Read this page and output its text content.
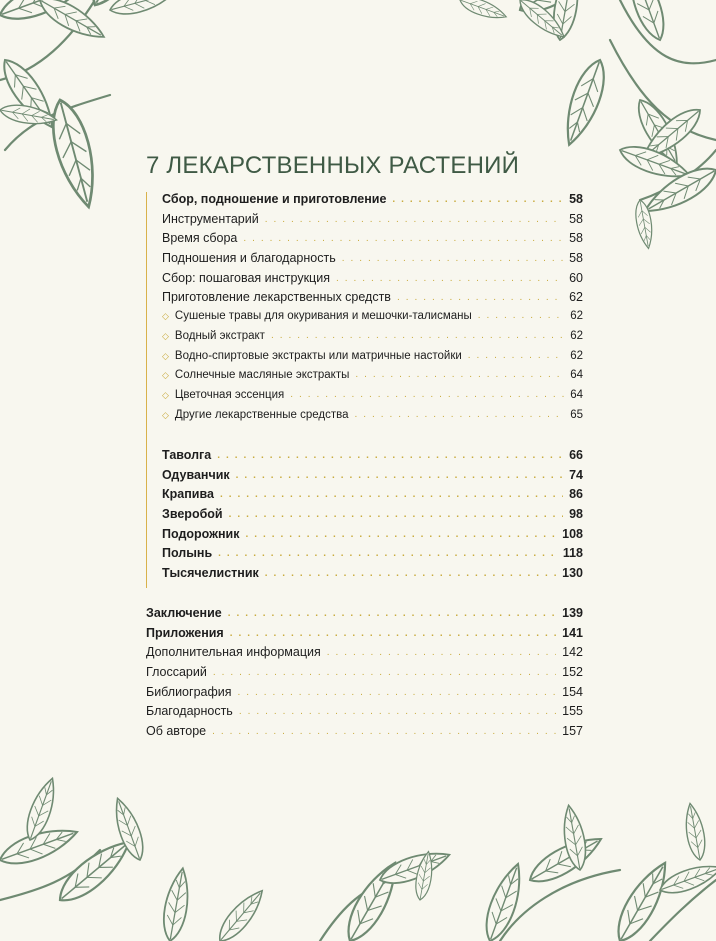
7 ЛЕКАРСТВЕННЫХ РАСТЕНИЙ
Сбор, подношение и приготовление . . .	58
Инструментарий . . .	58
Время сбора . . .	58
Подношения и благодарность . . .	58
Сбор: пошаговая инструкция . . .	60
Приготовление лекарственных средств . . .	62
◇ Сушеные травы для окуривания и мешочки-талисманы . . .	62
◇ Водный экстракт . . .	62
◇ Водно-спиртовые экстракты или матричные настойки . . .	62
◇ Солнечные масляные экстракты . . .	64
◇ Цветочная эссенция . . .	64
◇ Другие лекарственные средства . . .	65
Таволга . . .	66
Одуванчик . . .	74
Крапива . . .	86
Зверобой . . .	98
Подорожник . . .	108
Полынь . . .	118
Тысячелистник . . .	130
Заключение . . .	139
Приложения . . .	141
Дополнительная информация . . .	142
Глоссарий . . .	152
Библиография . . .	154
Благодарность . . .	155
Об авторе . . .	157
